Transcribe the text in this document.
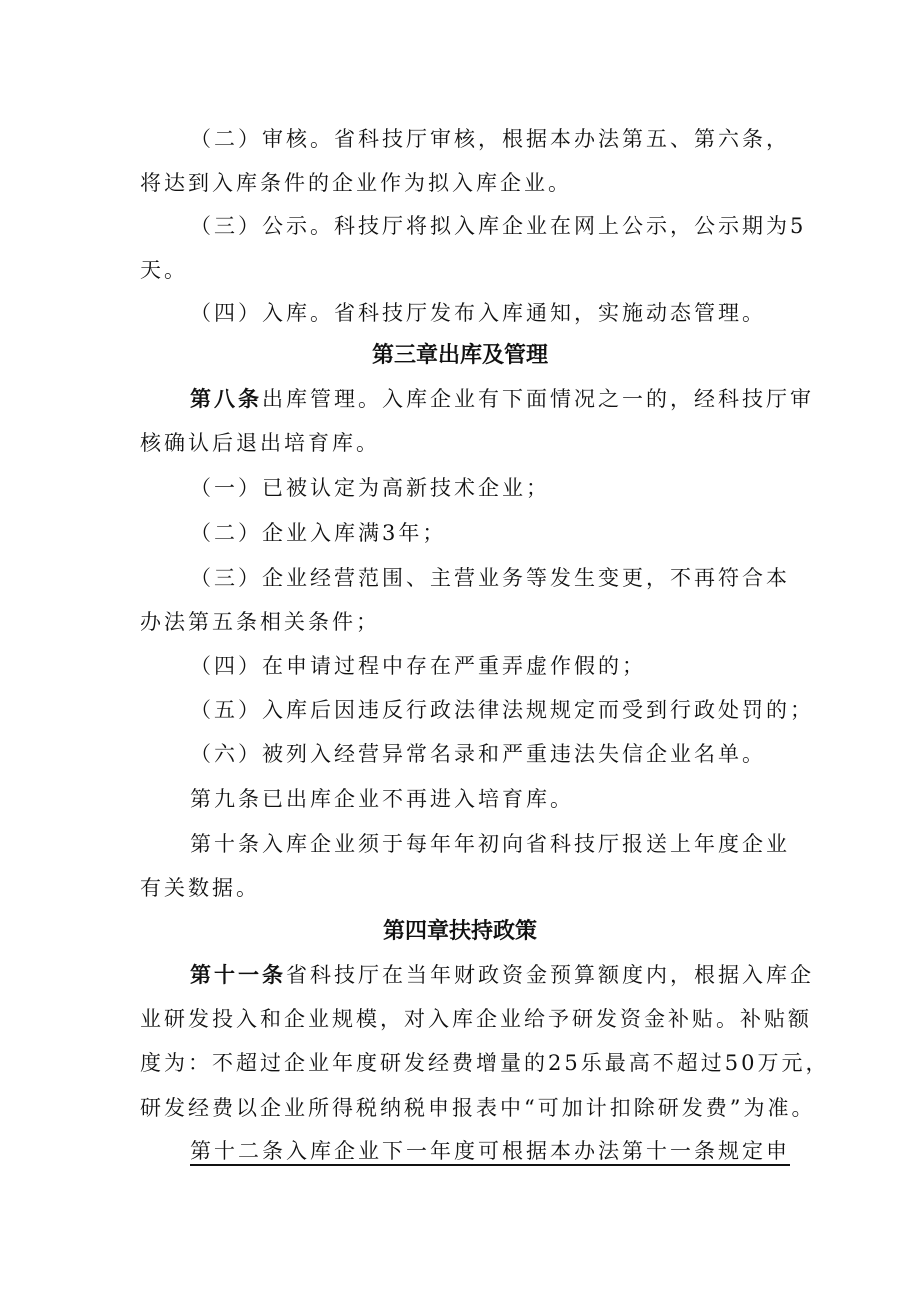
（二）审核。省科技厅审核，根据本办法第五、第六条，
将达到入库条件的企业作为拟入库企业。
（三）公示。科技厅将拟入库企业在网上公示，公示期为5
天。
（四）入库。省科技厅发布入库通知，实施动态管理。
第三章出库及管理
第八条出库管理。入库企业有下面情况之一的，经科技厅审
核确认后退出培育库。
（一）已被认定为高新技术企业；
（二）企业入库满3年；
（三）企业经营范围、主营业务等发生变更，不再符合本
办法第五条相关条件；
（四）在申请过程中存在严重弄虚作假的；
（五）入库后因违反行政法律法规规定而受到行政处罚的；
（六）被列入经营异常名录和严重违法失信企业名单。
第九条已出库企业不再进入培育库。
第十条入库企业须于每年年初向省科技厅报送上年度企业
有关数据。
第四章扶持政策
第十一条省科技厅在当年财政资金预算额度内，根据入库企
业研发投入和企业规模，对入库企业给予研发资金补贴。补贴额
度为：不超过企业年度研发经费增量的25乐最高不超过50万元，
研发经费以企业所得税纳税申报表中“可加计扣除研发费”为准。
第十二条入库企业下一年度可根据本办法第十一条规定申
